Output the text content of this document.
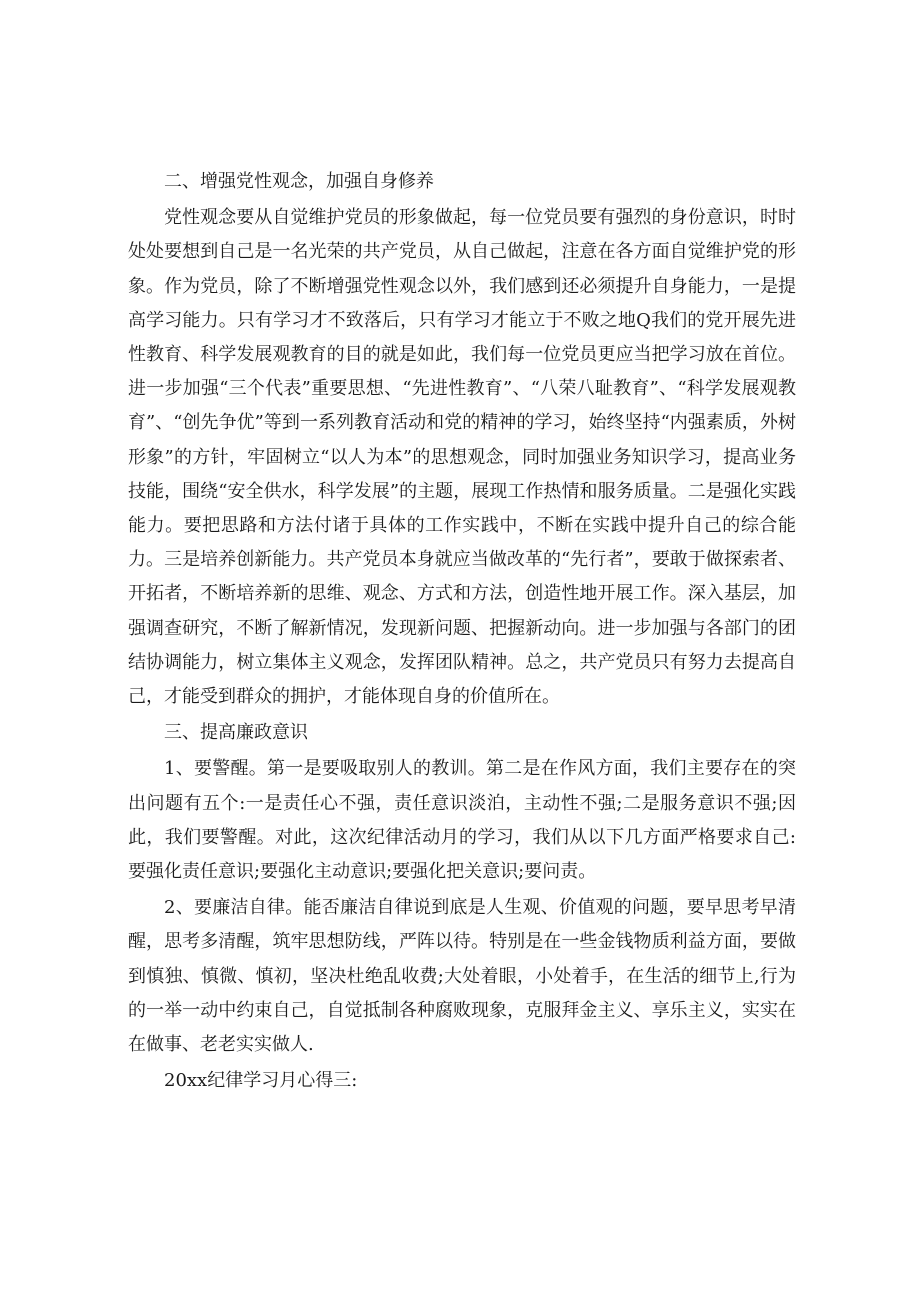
二、增强党性观念，加强自身修养

党性观念要从自觉维护党员的形象做起，每一位党员要有强烈的身份意识，时时处处要想到自己是一名光荣的共产党员，从自己做起，注意在各方面自觉维护党的形象。作为党员，除了不断增强党性观念以外，我们感到还必须提升自身能力，一是提高学习能力。只有学习才不致落后，只有学习才能立于不败之地Q我们的党开展先进性教育、科学发展观教育的目的就是如此，我们每一位党员更应当把学习放在首位。进一步加强“三个代表”重要思想、“先进性教育”、“八荣八耻教育”、“科学发展观教育”、“创先争优”等到一系列教育活动和党的精神的学习，始终坚持“内强素质，外树形象”的方针，牢固树立“以人为本”的思想观念，同时加强业务知识学习，提高业务技能，围绕“安全供水，科学发展”的主题，展现工作热情和服务质量。二是强化实践能力。要把思路和方法付诸于具体的工作实践中，不断在实践中提升自己的综合能力。三是培养创新能力。共产党员本身就应当做改革的“先行者”，要敢于做探索者、开拓者，不断培养新的思维、观念、方式和方法，创造性地开展工作。深入基层，加强调查研究，不断了解新情况，发现新问题、把握新动向。进一步加强与各部门的团结协调能力，树立集体主义观念，发挥团队精神。总之，共产党员只有努力去提高自己，才能受到群众的拥护，才能体现自身的价值所在。

三、提高廉政意识

1、要警醒。第一是要吸取别人的教训。第二是在作风方面，我们主要存在的突出问题有五个:一是责任心不强，责任意识淡泊，主动性不强;二是服务意识不强;因此，我们要警醒。对此，这次纪律活动月的学习，我们从以下几方面严格要求自己:要强化责任意识;要强化主动意识;要强化把关意识;要问责。

2、要廉洁自律。能否廉洁自律说到底是人生观、价值观的问题，要早思考早清醒，思考多清醒，筑牢思想防线，严阵以待。特别是在一些金钱物质利益方面，要做到慎独、慎微、慎初，坚决杜绝乱收费;大处着眼，小处着手，在生活的细节上,行为的一举一动中约束自己，自觉抵制各种腐败现象，克服拜金主义、享乐主义，实实在在做事、老老实实做人.

20xx纪律学习月心得三:
